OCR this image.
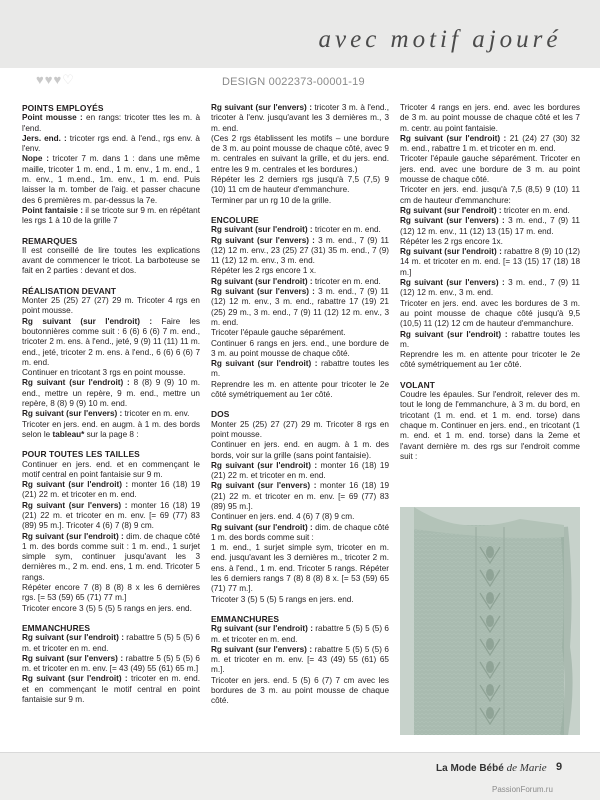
avec motif ajouré
♥♥♥♡	DESIGN 0022373-00001-19
POINTS EMPLOYÉS

Point mousse : en rangs: tricoter ttes les m. à l'end.

Jers. end. : tricoter rgs end. à l'end., rgs env. à l'env.

Nope : tricoter 7 m. dans 1 : dans une même maille, tricoter 1 m. end., 1 m. env., 1 m. end., 1 m. env., 1 m.end., 1m. env., 1 m. end. Puis laisser la m. tomber de l'aig. et passer chacune des 6 premières m. par-dessus la 7e.

Point fantaisie : il se tricote sur 9 m. en répétant les rgs 1 à 10 de la grille 7

REMARQUES

Il est conseillé de lire toutes les explications avant de commencer le tricot. La barboteuse se fait en 2 parties : devant et dos.

RÉALISATION DEVANT

Monter 25 (25) 27 (27) 29 m. Tricoter 4 rgs en point mousse.

Rg suivant (sur l'endroit) : Faire les boutonnières comme suit : 6 (6) 6 (6) 7 m. end., tricoter 2 m. ens. à l'end., jeté, 9 (9) 11 (11) 11 m. end., jeté, tricoter 2 m. ens. à l'end., 6 (6) 6 (6) 7 m. end.

Continuer en tricotant 3 rgs en point mousse.

Rg suivant (sur l'endroit) : 8 (8) 9 (9) 10 m. end., mettre un repère, 9 m. end., mettre un repère, 8 (8) 9 (9) 10 m. end.

Rg suivant (sur l'envers) : tricoter en m. env.

Tricoter en jers. end. en augm. à 1 m. des bords selon le tableau* sur la page 8 :

POUR TOUTES LES TAILLES

Continuer en jers. end. et en commençant le motif central en point fantaisie sur 9 m.

Rg suivant (sur l'endroit) : monter 16 (18) 19 (21) 22 m. et tricoter en m. end.

Rg suivant (sur l'envers) : monter 16 (18) 19 (21) 22 m. et tricoter en m. env. [= 69 (77) 83 (89) 95 m.]. Tricoter 4 (6) 7 (8) 9 cm.

Rg suivant (sur l'endroit) : dim. de chaque côté 1 m. des bords comme suit : 1 m. end., 1 surjet simple sym, continuer jusqu'avant les 3 dernières m., 2 m. end. ens, 1 m. end. Tricoter 5 rangs.

Répéter encore 7 (8) 8 (8) 8 x les 6 dernières rgs. [= 53 (59) 65 (71) 77 m.]

Tricoter encore 3 (5) 5 (5) 5 rangs en jers. end.

EMMANCHURES

Rg suivant (sur l'endroit) : rabattre 5 (5) 5 (5) 6 m. et tricoter en m. end.

Rg suivant (sur l'envers) : rabattre 5 (5) 5 (5) 6 m. et tricoter en m. env. [= 43 (49) 55 (61) 65 m.]

Rg suivant (sur l'endroit) : tricoter en m. end. et en commençant le motif central en point fantaisie sur 9 m.

Rg suivant (sur l'envers) : tricoter 3 m. à l'end., tricoter à l'env. jusqu'avant les 3 dernières m., 3 m. end.

(Ces 2 rgs établissent les motifs – une bordure de 3 m. au point mousse de chaque côté, avec 9 m. centrales en suivant la grille, et du jers. end. entre les 9 m. centrales et les bordures.)

Répéter les 2 derniers rgs jusqu'à 7,5 (7,5) 9 (10) 11 cm de hauteur d'emmanchure.

Terminer par un rg 10 de la grille.

ENCOLURE

Rg suivant (sur l'endroit) : tricoter en m. end.

Rg suivant (sur l'envers) : 3 m. end., 7 (9) 11 (12) 12 m. env., 23 (25) 27 (31) 35 m. end., 7 (9) 11 (12) 12 m. env., 3 m. end.

Répéter les 2 rgs encore 1 x.

Rg suivant (sur l'endroit) : tricoter en m. end.

Rg suivant (sur l'envers) : 3 m. end., 7 (9) 11 (12) 12 m. env., 3 m. end., rabattre 17 (19) 21 (25) 29 m., 3 m. end., 7 (9) 11 (12) 12 m. env., 3 m. end.

Tricoter l'épaule gauche séparément.

Continuer 6 rangs en jers. end., une bordure de 3 m. au point mousse de chaque côté.

Rg suivant (sur l'endroit) : rabattre toutes les m.

Reprendre les m. en attente pour tricoter le 2e côté symétriquement au 1er côté.

DOS

Monter 25 (25) 27 (27) 29 m. Tricoter 8 rgs en point mousse.

Continuer en jers. end. en augm. à 1 m. des bords, voir sur la grille (sans point fantaisie).

Rg suivant (sur l'endroit) : monter 16 (18) 19 (21) 22 m. et tricoter en m. end.

Rg suivant (sur l'envers) : monter 16 (18) 19 (21) 22 m. et tricoter en m. env. [= 69 (77) 83 (89) 95 m.].

Continuer en jers. end. 4 (6) 7 (8) 9 cm.

Rg suivant (sur l'endroit) : dim. de chaque côté 1 m. des bords comme suit :

1 m. end., 1 surjet simple sym, tricoter en m. end. jusqu'avant les 3 dernières m., tricoter 2 m. ens. à l'end., 1 m. end. Tricoter 5 rangs. Répéter les 6 derniers rangs 7 (8) 8 (8) 8 x. [= 53 (59) 65 (71) 77 m.].

Tricoter 3 (5) 5 (5) 5 rangs en jers. end.

EMMANCHURES

Rg suivant (sur l'endroit) : rabattre 5 (5) 5 (5) 6 m. et tricoter en m. end.

Rg suivant (sur l'envers) : rabattre 5 (5) 5 (5) 6 m. et tricoter en m. env. [= 43 (49) 55 (61) 65 m.].

Tricoter en jers. end. 5 (5) 6 (7) 7 cm avec les bordures de 3 m. au point mousse de chaque côté.

Tricoter 4 rangs en jers. end. avec les bordures de 3 m. au point mousse de chaque côté et les 7 m. centr. au point fantaisie.

Rg suivant (sur l'endroit) : 21 (24) 27 (30) 32 m. end., rabattre 1 m. et tricoter en m. end.

Tricoter l'épaule gauche séparément. Tricoter en jers. end. avec une bordure de 3 m. au point mousse de chaque côté.

Tricoter en jers. end. jusqu'à 7,5 (8,5) 9 (10) 11 cm de hauteur d'emmanchure:

Rg suivant (sur l'endroit) : tricoter en m. end.

Rg suivant (sur l'envers) : 3 m. end., 7 (9) 11 (12) 12 m. env., 11 (12) 13 (15) 17 m. end.

Répéter les 2 rgs encore 1x.

Rg suivant (sur l'endroit) : rabattre 8 (9) 10 (12) 14 m. et tricoter en m. end. [= 13 (15) 17 (18) 18 m.]

Rg suivant (sur l'envers) : 3 m. end., 7 (9) 11 (12) 12 m. env., 3 m. end.

Tricoter en jers. end. avec les bordures de 3 m. au point mousse de chaque côté jusqu'à 9,5 (10,5) 11 (12) 12 cm de hauteur d'emmanchure.

Rg suivant (sur l'endroit) : rabattre toutes les m.

Reprendre les m. en attente pour tricoter le 2e côté symétriquement au 1er côté.

VOLANT

Coudre les épaules. Sur l'endroit, relever des m. tout le long de l'emmanchure, à 3 m. du bord, en tricotant (1 m. end. et 1 m. end. torse) dans chaque m. Continuer en jers. end., en tricotant (1 m. end. et 1 m. end. torse) dans la 2eme et l'avant dernière m. des rgs sur l'endroit comme suit :

La Mode Bébé de Marie 9
PassionForum.ru
